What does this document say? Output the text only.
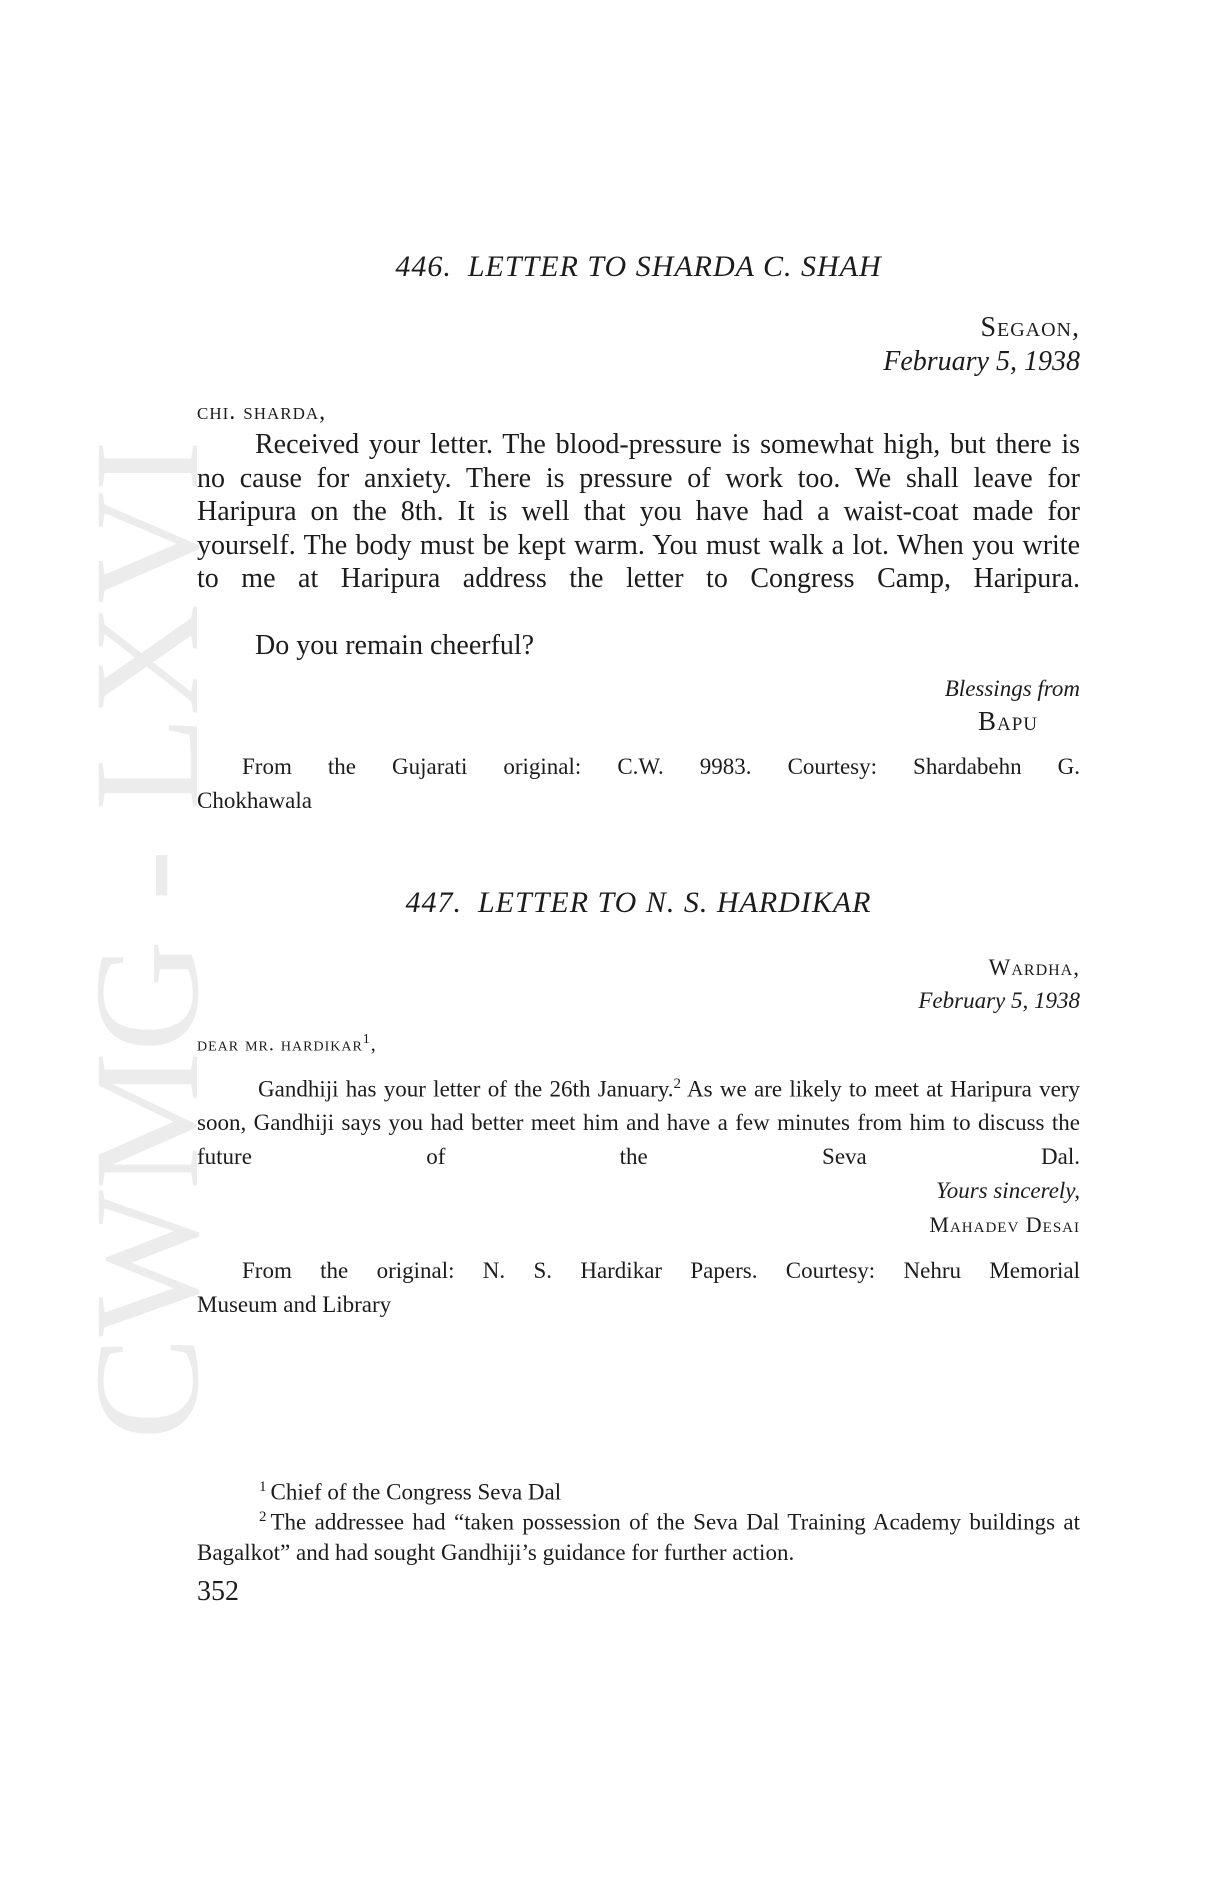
CWMG - LXVI
446. LETTER TO SHARDA C. SHAH
Segaon,
February 5, 1938
chi. sharda,

Received your letter. The blood-pressure is somewhat high, but there is no cause for anxiety. There is pressure of work too. We shall leave for Haripura on the 8th. It is well that you have had a waist-coat made for yourself. The body must be kept warm. You must walk a lot. When you write to me at Haripura address the letter to Congress Camp, Haripura.

Do you remain cheerful?

Blessings from
Bapu

From the Gujarati original: C.W. 9983. Courtesy: Shardabehn G.
Chokhawala

447. LETTER TO N. S. HARDIKAR
Wardha,
February 5, 1938
dear mr. hardikar$^1$,

Gandhiji has your letter of the 26th January.$^2$ As we are likely to meet at Haripura very soon, Gandhiji says you had better meet him and have a few minutes from him to discuss the future of the Seva Dal.

Yours sincerely,
Mahadev Desai

From the original: N. S. Hardikar Papers. Courtesy: Nehru Memorial
Museum and Library

$^1$ Chief of the Congress Seva Dal

$^2$ The addressee had “taken possession of the Seva Dal Training Academy buildings at Bagalkot” and had sought Gandhiji’s guidance for further action.

352
